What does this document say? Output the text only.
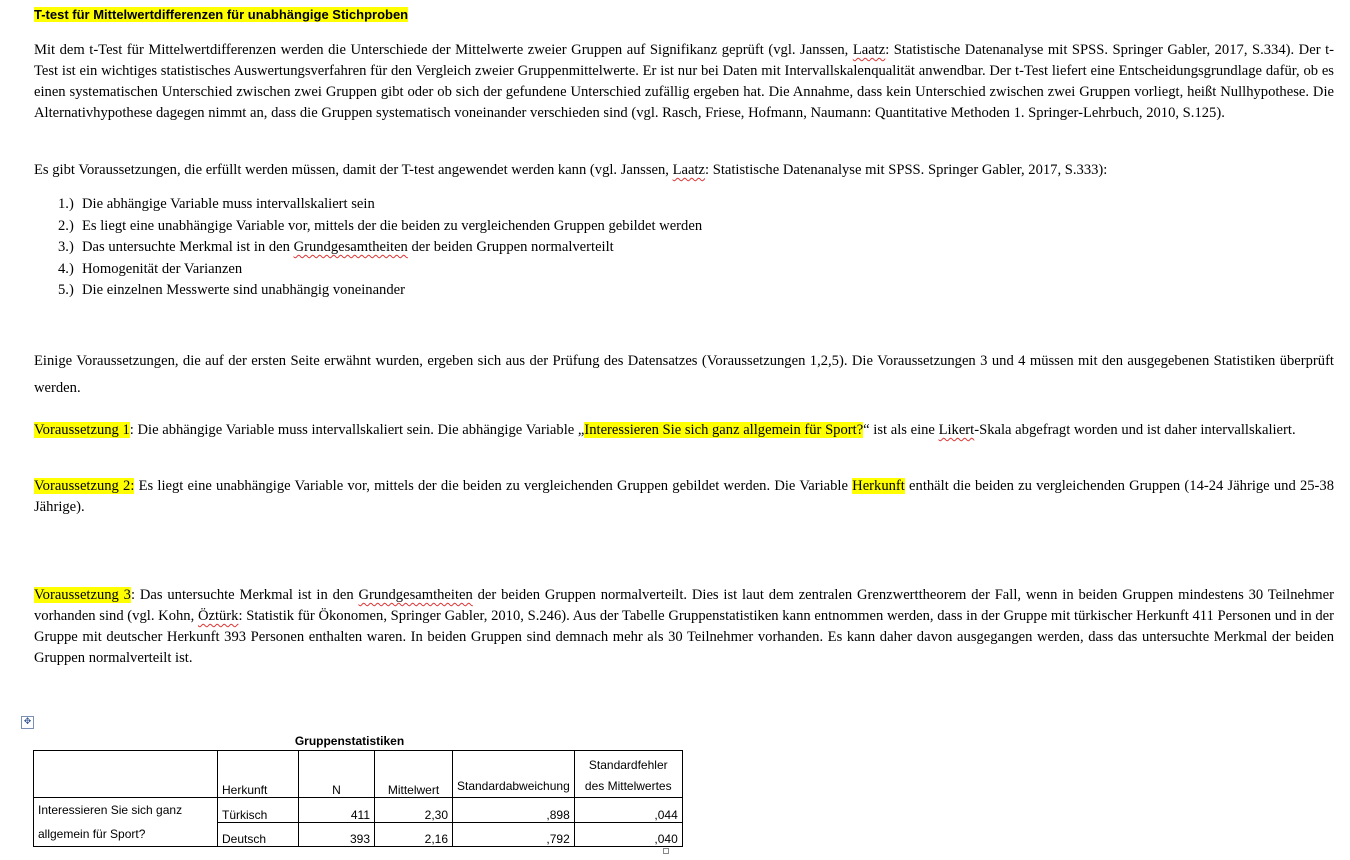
T-test für Mittelwertdifferenzen für unabhängige Stichproben

Mit dem t-Test für Mittelwertdifferenzen werden die Unterschiede der Mittelwerte zweier Gruppen auf Signifikanz geprüft (vgl. Janssen, Laatz: Statistische Datenanalyse mit SPSS. Springer Gabler, 2017, S.334). Der t-Test ist ein wichtiges statistisches Auswertungsverfahren für den Vergleich zweier Gruppenmittelwerte. Er ist nur bei Daten mit Intervallskalenqualität anwendbar. Der t-Test liefert eine Entscheidungsgrundlage dafür, ob es einen systematischen Unterschied zwischen zwei Gruppen gibt oder ob sich der gefundene Unterschied zufällig ergeben hat. Die Annahme, dass kein Unterschied zwischen zwei Gruppen vorliegt, heißt Nullhypothese. Die Alternativhypothese dagegen nimmt an, dass die Gruppen systematisch voneinander verschieden sind (vgl. Rasch, Friese, Hofmann, Naumann: Quantitative Methoden 1. Springer-Lehrbuch, 2010, S.125).

Es gibt Voraussetzungen, die erfüllt werden müssen, damit der T-test angewendet werden kann (vgl. Janssen, Laatz: Statistische Datenanalyse mit SPSS. Springer Gabler, 2017, S.333):

1.) Die abhängige Variable muss intervallskaliert sein
2.) Es liegt eine unabhängige Variable vor, mittels der die beiden zu vergleichenden Gruppen gebildet werden
3.) Das untersuchte Merkmal ist in den Grundgesamtheiten der beiden Gruppen normalverteilt
4.) Homogenität der Varianzen
5.) Die einzelnen Messwerte sind unabhängig voneinander

Einige Voraussetzungen, die auf der ersten Seite erwähnt wurden, ergeben sich aus der Prüfung des Datensatzes (Voraussetzungen 1,2,5). Die Voraussetzungen 3 und 4 müssen mit den ausgegebenen Statistiken überprüft werden.

Voraussetzung 1: Die abhängige Variable muss intervallskaliert sein. Die abhängige Variable „Interessieren Sie sich ganz allgemein für Sport?“ ist als eine Likert-Skala abgefragt worden und ist daher intervallskaliert.

Voraussetzung 2: Es liegt eine unabhängige Variable vor, mittels der die beiden zu vergleichenden Gruppen gebildet werden. Die Variable Herkunft enthält die beiden zu vergleichenden Gruppen (14-24 Jährige und 25-38 Jährige).

Voraussetzung 3: Das untersuchte Merkmal ist in den Grundgesamtheiten der beiden Gruppen normalverteilt. Dies ist laut dem zentralen Grenzwerttheorem der Fall, wenn in beiden Gruppen mindestens 30 Teilnehmer vorhanden sind (vgl. Kohn, Öztürk: Statistik für Ökonomen, Springer Gabler, 2010, S.246). Aus der Tabelle Gruppenstatistiken kann entnommen werden, dass in der Gruppe mit türkischer Herkunft 411 Personen und in der Gruppe mit deutscher Herkunft 393 Personen enthalten waren. In beiden Gruppen sind demnach mehr als 30 Teilnehmer vorhanden. Es kann daher davon ausgegangen werden, dass das untersuchte Merkmal der beiden Gruppen normalverteilt ist.

✥
Gruppenstatistiken
	Herkunft	N	Mittelwert	Standardabweichung	Standardfehler des Mittelwertes
Interessieren Sie sich ganz allgemein für Sport?	Türkisch	411	2,30	,898	,044
	Deutsch	393	2,16	,792	,040
